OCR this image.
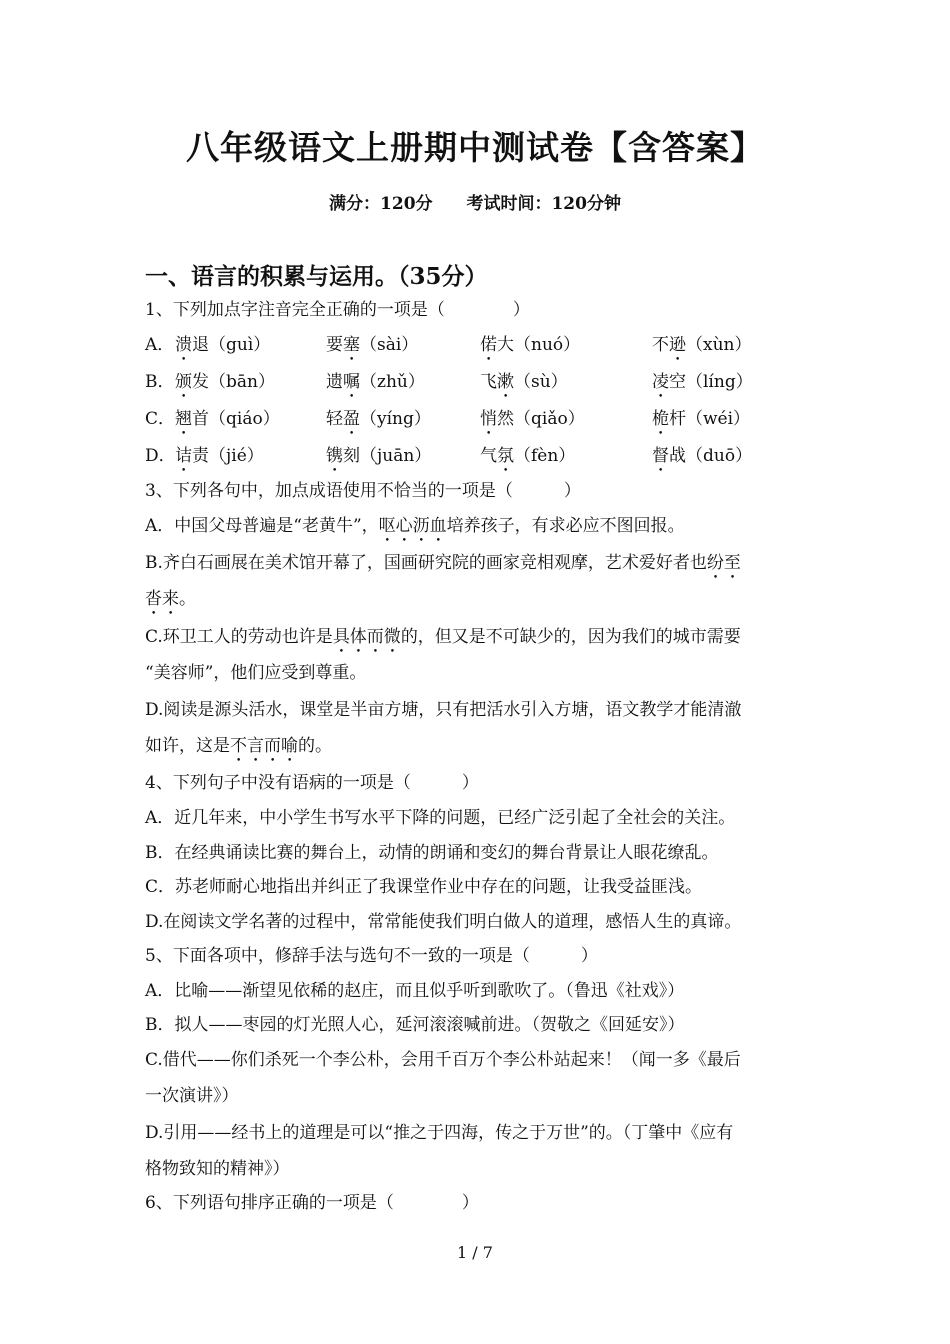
八年级语文上册期中测试卷【含答案】
满分：120分 考试时间：120分钟
一、语言的积累与运用。（35分）
1、下列加点字注音完全正确的一项是（　　　　）
A． 溃退（guì）	要塞（sài）	偌大（nuó）	不逊（xùn）
B． 颁发（bān）	遗嘱（zhǔ）	飞漱（sù）	凌空（líng）
C． 翘首（qiáo）	轻盈（yíng）	悄然（qiǎo）	桅杆（wéi）
D． 诘责（jié）	镌刻（juān）	气氛（fèn）	督战（duō）
3、下列各句中，加点成语使用不恰当的一项是（　　　）
A．中国父母普遍是“老黄牛”，呕心沥血培养孩子，有求必应不图回报。
B.齐白石画展在美术馆开幕了，国画研究院的画家竞相观摩，艺术爱好者也纷至
沓来。
C.环卫工人的劳动也许是具体而微的，但又是不可缺少的，因为我们的城市需要
“美容师”，他们应受到尊重。
D.阅读是源头活水，课堂是半亩方塘，只有把活水引入方塘，语文教学才能清澈
如许，这是不言而喻的。
4、下列句子中没有语病的一项是（　　　）
A．近几年来，中小学生书写水平下降的问题，已经广泛引起了全社会的关注。
B．在经典诵读比赛的舞台上，动情的朗诵和变幻的舞台背景让人眼花缭乱。
C．苏老师耐心地指出并纠正了我课堂作业中存在的问题，让我受益匪浅。
D.在阅读文学名著的过程中，常常能使我们明白做人的道理，感悟人生的真谛。
5、下面各项中，修辞手法与选句不一致的一项是（　　　）
A．比喻——渐望见依稀的赵庄，而且似乎听到歌吹了。（鲁迅《社戏》）
B．拟人——枣园的灯光照人心，延河滚滚喊前进。（贺敬之《回延安》）
C.借代——你们杀死一个李公朴，会用千百万个李公朴站起来！（闻一多《最后
一次演讲》）
D.引用——经书上的道理是可以“推之于四海，传之于万世”的。（丁肇中《应有
格物致知的精神》）
6、下列语句排序正确的一项是（　　　　）
1 / 7
